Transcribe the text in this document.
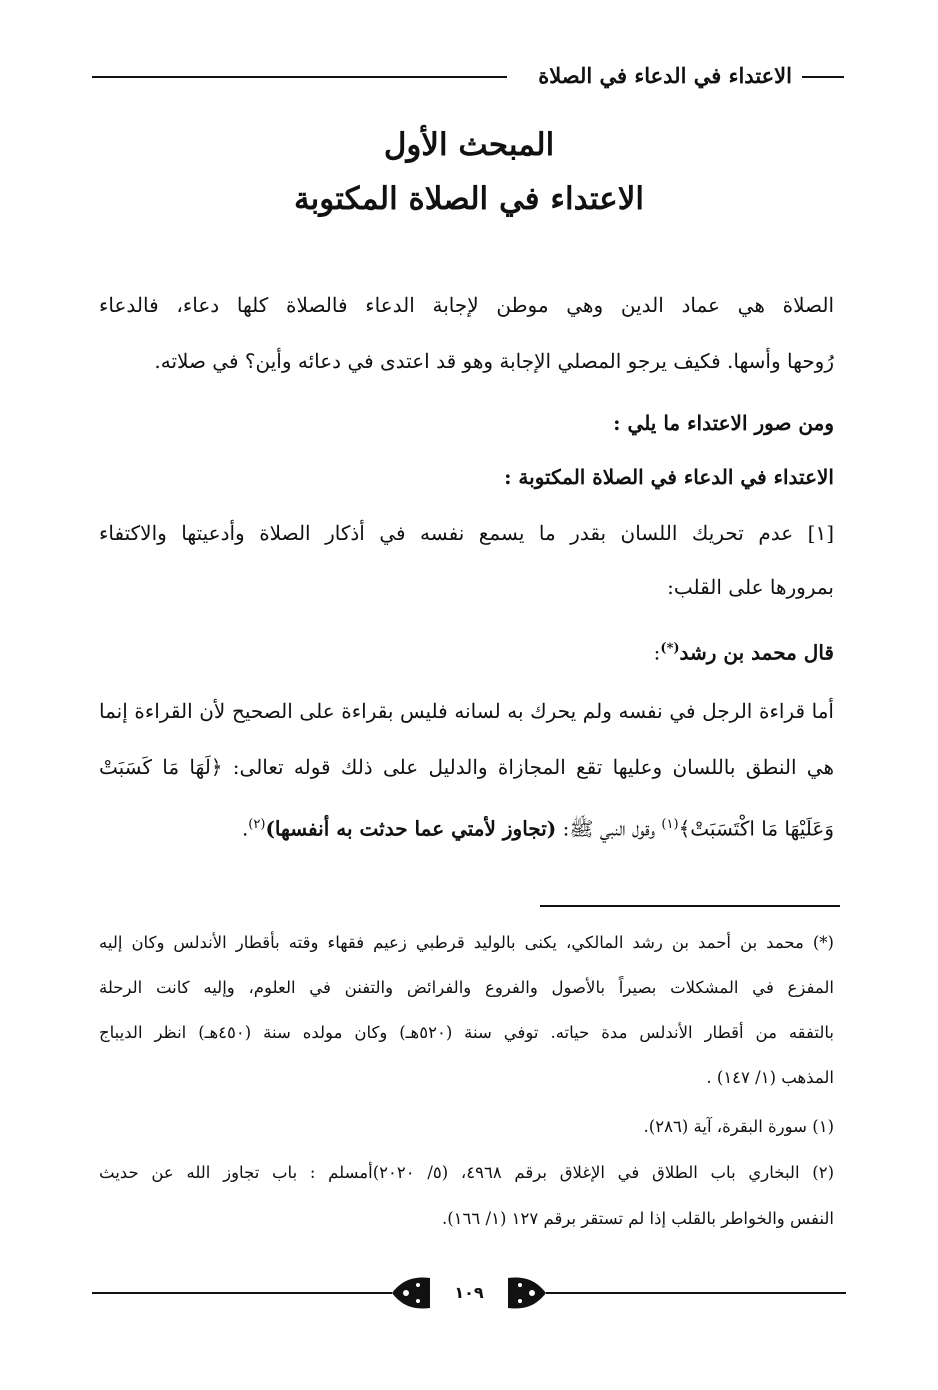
الاعتداء في الدعاء في الصلاة
المبحث الأول
الاعتداء في الصلاة المكتوبة
الصلاة هي عماد الدين وهي موطن لإجابة الدعاء فالصلاة كلها دعاء، فالدعاء
رُوحها وأسها. فكيف يرجو المصلي الإجابة وهو قد اعتدى في دعائه وأين؟ في صلاته.
ومن صور الاعتداء ما يلي :
الاعتداء في الدعاء في الصلاة المكتوبة :
[١] عدم تحريك اللسان بقدر ما يسمع نفسه في أذكار الصلاة وأدعيتها والاكتفاء
بمرورها على القلب:
قال محمد بن رشد(*):
أما قراءة الرجل في نفسه ولم يحرك به لسانه فليس بقراءة على الصحيح لأن القراءة إنما
هي النطق باللسان وعليها تقع المجازاة والدليل على ذلك قوله تعالى: ﴿لَهَا مَا كَسَبَتْ
وَعَلَيْهَا مَا اكْتَسَبَتْ﴾$^{(١)}$ وقول النبي ﷺ: (تجاوز لأمتي عما حدثت به أنفسها)$^{(٢)}$.
(*) محمد بن أحمد بن رشد المالكي، يكنى بالوليد قرطبي زعيم فقهاء وقته بأقطار الأندلس وكان إليه
المفزع في المشكلات بصيراً بالأصول والفروع والفرائض والتفنن في العلوم، وإليه كانت الرحلة
بالتفقه من أقطار الأندلس مدة حياته. توفي سنة (٥٢٠هـ) وكان مولده سنة (٤٥٠هـ) انظر الديباج
المذهب (١/ ١٤٧) .
(١) سورة البقرة، آية (٢٨٦).
(٢) البخاري باب الطلاق في الإغلاق برقم ٤٩٦٨، (٥/ ٢٠٢٠)أمسلم : باب تجاوز الله عن حديث
النفس والخواطر بالقلب إذا لم تستقر برقم ١٢٧ (١/ ١٦٦).
١٠٩
